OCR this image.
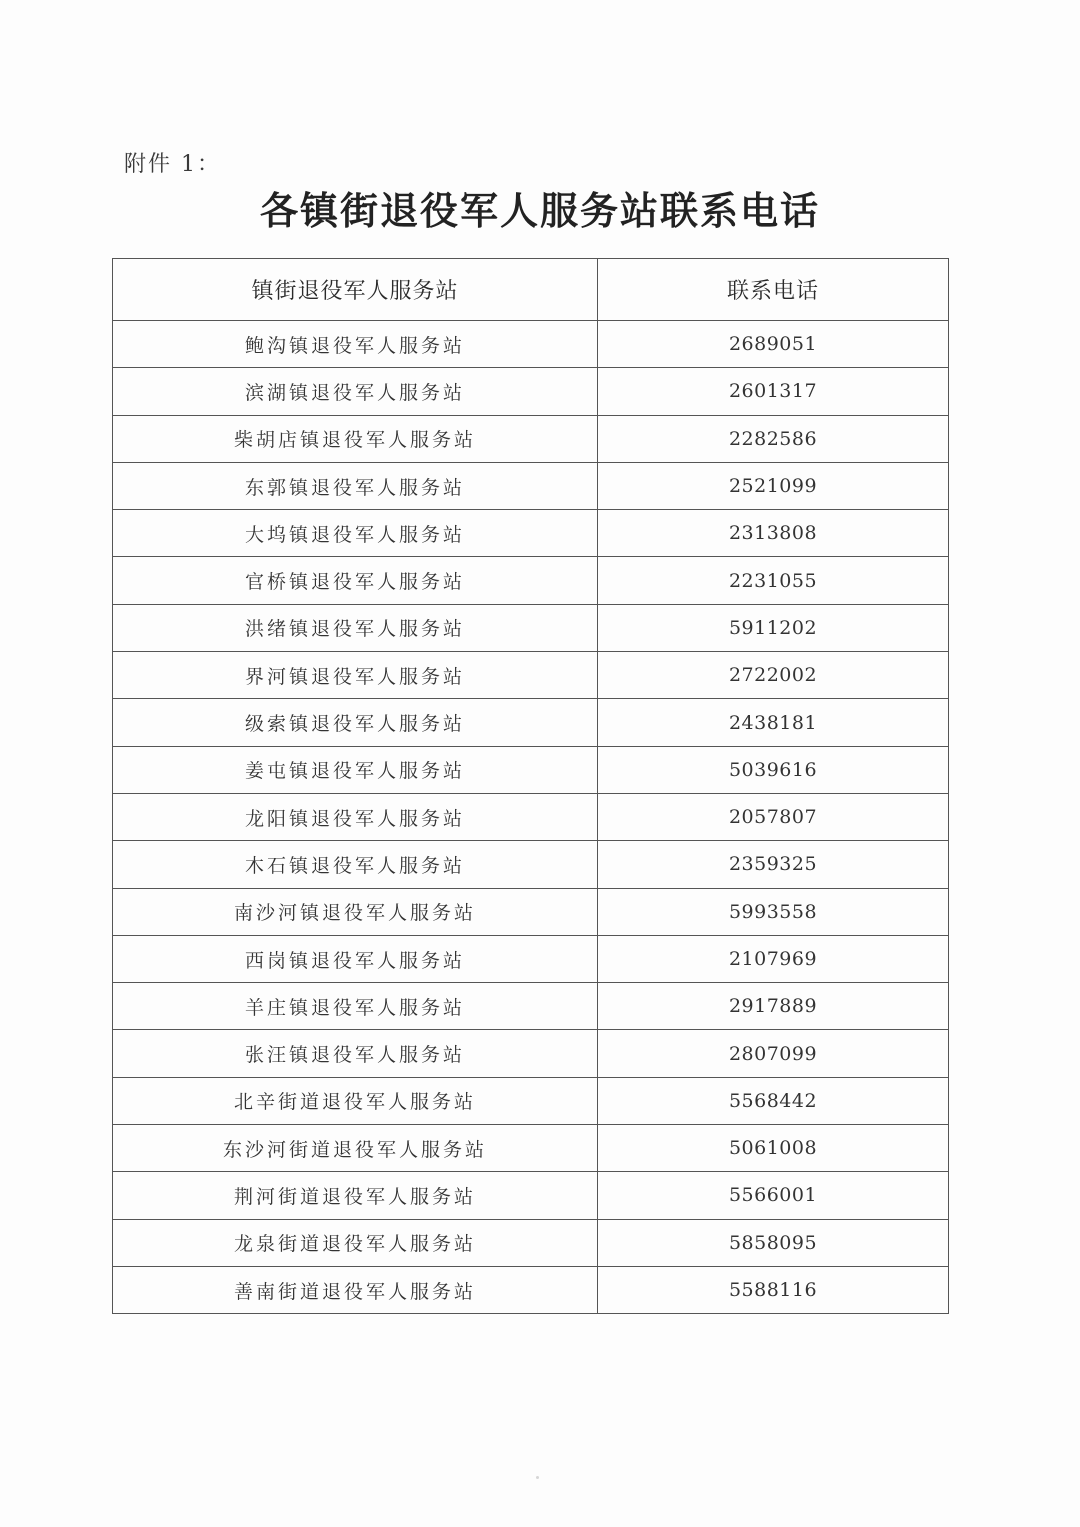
附件 1：
各镇街退役军人服务站联系电话
镇街退役军人服务站	联系电话
鲍沟镇退役军人服务站	2689051
滨湖镇退役军人服务站	2601317
柴胡店镇退役军人服务站	2282586
东郭镇退役军人服务站	2521099
大坞镇退役军人服务站	2313808
官桥镇退役军人服务站	2231055
洪绪镇退役军人服务站	5911202
界河镇退役军人服务站	2722002
级索镇退役军人服务站	2438181
姜屯镇退役军人服务站	5039616
龙阳镇退役军人服务站	2057807
木石镇退役军人服务站	2359325
南沙河镇退役军人服务站	5993558
西岗镇退役军人服务站	2107969
羊庄镇退役军人服务站	2917889
张汪镇退役军人服务站	2807099
北辛街道退役军人服务站	5568442
东沙河街道退役军人服务站	5061008
荆河街道退役军人服务站	5566001
龙泉街道退役军人服务站	5858095
善南街道退役军人服务站	5588116
